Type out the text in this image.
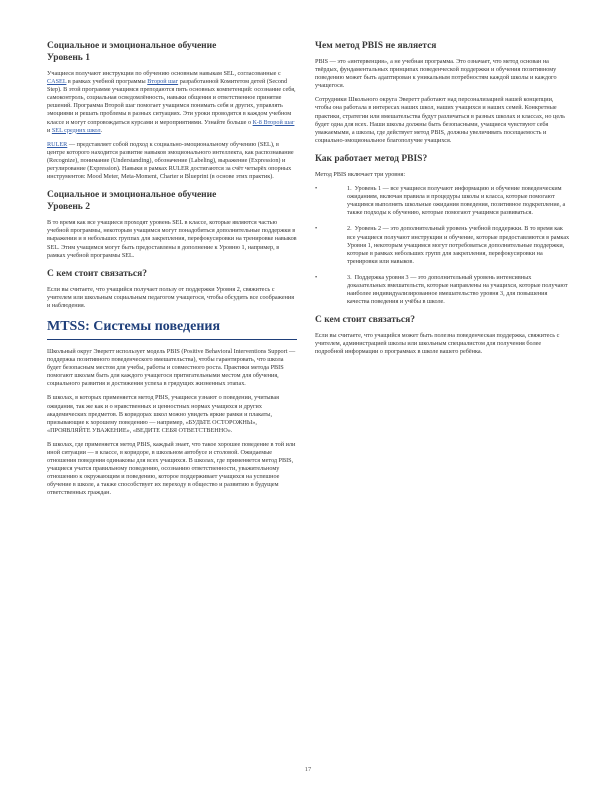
Социальное и эмоциональное обучение
Уровень 1

Учащиеся получают инструкции по обучению основным навыкам SEL, согласованные с CASEL в рамках учебной программы Второй шаг разработанной Комитетом детей (Second Step). В этой программе учащимся преподаются пять основных компетенций: осознание себя, самоконтроль, социальная осведомлённость, навыки общения и ответственное принятие решений. Программа Второй шаг помогает учащимся понимать себя и других, управлять эмоциями и решать проблемы в разных ситуациях. Эти уроки проводятся в каждом учебном классе и могут сопровождаться курсами и мероприятиями. Узнайте больше о К-8 Второй шаг и SEL средних школ.

RULER — представляет собой подход к социально-эмоциональному обучению (SEL), в центре которого находится развитие навыков эмоционального интеллекта, как распознавание (Recognize), понимание (Understanding), обозначение (Labeling), выражение (Expression) и регулирование (Expression). Навыки в рамках RULER достигаются за счёт четырёх опорных инструментов: Mood Meter, Meta-Moment, Charter и Blueprint (в основе этих практик).

Социальное и эмоциональное обучение
Уровень 2

В то время как все учащиеся проходят уровень SEL в классе, которые являются частью учебной программы, некоторым учащимся могут понадобиться дополнительные поддержки в выражении и в небольших группах для закрепления, перефокусировки на тренировке навыков SEL. Этим учащимся могут быть предоставлены в дополнение к Уровню 1, например, в рамках учебной программы SEL.

С кем стоит связаться?

Если вы считаете, что учащийся получает пользу от поддержки Уровня 2, свяжитесь с учителем или школьным социальным педагогом учащегося, чтобы обсудить все соображения и наблюдения.

MTSS: Системы поведения

Школьный округ Эверетт использует модель PBIS (Positive Behavioral Interventions Support — поддержка позитивного поведенческого вмешательства), чтобы гарантировать, что школа будет безопасным местом для учебы, работы и совместного роста. Практики метода PBIS помогают школам быть для каждого учащегося притягательными местом для обучения, социального развития и достижения успеха в грядущих жизненных этапах.

В школах, в которых применяется метод PBIS, учащиеся узнают о поведении, учитывая ожидания, так же как и о нравственных и ценностных нормах учащихся и других академических предметов. В коридорах школ можно увидеть яркие рамки и плакаты, призывающие к хорошему поведению — например, «БУДЬТЕ ОСТОРОЖНЫ», «ПРОЯВЛЯЙТЕ УВАЖЕНИЕ», «ВЕДИТЕ СЕБЯ ОТВЕТСТВЕННО».

В школах, где применяется метод PBIS, каждый знает, что такое хорошее поведение в той или иной ситуации — в классе, в коридоре, в школьном автобусе и столовой. Ожидаемые отношения поведения одинаковы для всех учащихся. В школах, где применяется метод PBIS, учащиеся учатся правильному поведению, осознанию ответственности, уважительному отношению к окружающим и поведению, которое поддерживает учащихся на успешное обучение в школе, а также способствует их переходу в общество и развитию в будущем ответственных граждан.

Чем метод PBIS не является

PBIS — это «интервенция», а не учебная программа. Это означает, что метод основан на твёрдых, фундаментальных принципах поведенческой поддержки и обучения позитивному поведению может быть адаптирован к уникальным потребностям каждой школы и каждого учащегося.

Сотрудники Школьного округа Эверетт работают над персонализацией нашей концепции, чтобы она работала в интересах наших школ, наших учащихся и наших семей. Конкретные практики, стратегии или вмешательства будут различаться в разных школах и классах, но цель будет одна для всех. Наши школы должны быть безопасными, учащиеся чувствуют себя уважаемыми, а школы, где действует метод PBIS, должны увеличивать посещаемость и социально-эмоциональное благополучие учащихся.

Как работает метод PBIS?

Метод PBIS включает три уровня:

•	1. Уровень 1 — все учащиеся получают информацию и обучение поведенческим ожиданиям, включая правила и процедуры школы и класса, которые помогают учащимся выполнять школьные ожидания поведения, позитивное подкрепление, а также подходы к обучению, которые помогают учащимся развиваться.
•	2. Уровень 2 — это дополнительный уровень учебной поддержки. В то время как все учащиеся получают инструкции и обучение, которые предоставляются в рамках Уровня 1, некоторым учащимся могут потребоваться дополнительные поддержки, которые в рамках небольших групп для закрепления, перефокусировки на тренировки или навыков.
•	3. Поддержка уровня 3 — это дополнительный уровень интенсивных доказательных вмешательств, которые направлены на учащихся, которые получают наиболее индивидуализированное вмешательство уровня 3, для повышения качества поведения и учёбы в школе.
С кем стоит связаться?

Если вы считаете, что учащийся может быть полезна поведенческая поддержка, свяжитесь с учителем, администрацией школы или школьным специалистом для получения более подробной информации о программах в школе вашего ребёнка.

17
